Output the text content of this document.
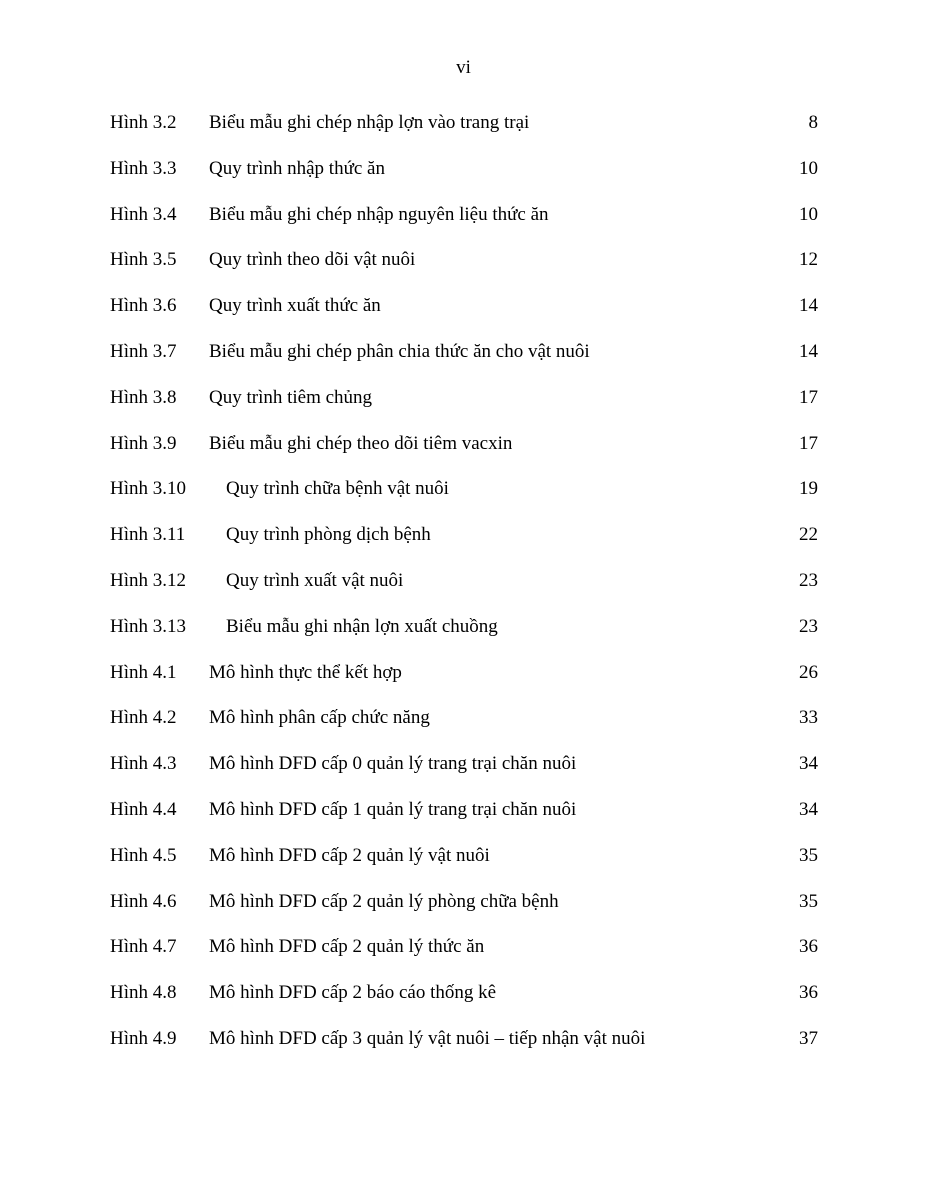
vi
Hình 3.2	Biểu mẫu ghi chép nhập lợn vào trang trại	8
Hình 3.3	Quy trình nhập thức ăn	10
Hình 3.4	Biểu mẫu ghi chép nhập nguyên liệu thức ăn	10
Hình 3.5	Quy trình theo dõi vật nuôi	12
Hình 3.6	Quy trình xuất thức ăn	14
Hình 3.7	Biểu mẫu ghi chép phân chia thức ăn cho vật nuôi	14
Hình 3.8	Quy trình tiêm chủng	17
Hình 3.9	Biểu mẫu ghi chép theo dõi tiêm vacxin	17
Hình 3.10	Quy trình chữa bệnh vật nuôi	19
Hình 3.11	Quy trình phòng dịch bệnh	22
Hình 3.12	Quy trình xuất vật nuôi	23
Hình 3.13	Biểu mẫu ghi nhận lợn xuất chuồng	23
Hình 4.1	Mô hình thực thể kết hợp	26
Hình 4.2	Mô hình phân cấp chức năng	33
Hình 4.3	Mô hình DFD cấp 0 quản lý trang trại chăn nuôi	34
Hình 4.4	Mô hình DFD cấp 1 quản lý trang trại chăn nuôi	34
Hình 4.5	Mô hình DFD cấp 2 quản lý vật nuôi	35
Hình 4.6	Mô hình DFD cấp 2 quản lý phòng chữa bệnh	35
Hình 4.7	Mô hình DFD cấp 2 quản lý thức ăn	36
Hình 4.8	Mô hình DFD cấp 2 báo cáo thống kê	36
Hình 4.9	Mô hình DFD cấp 3 quản lý vật nuôi – tiếp nhận vật nuôi	37
